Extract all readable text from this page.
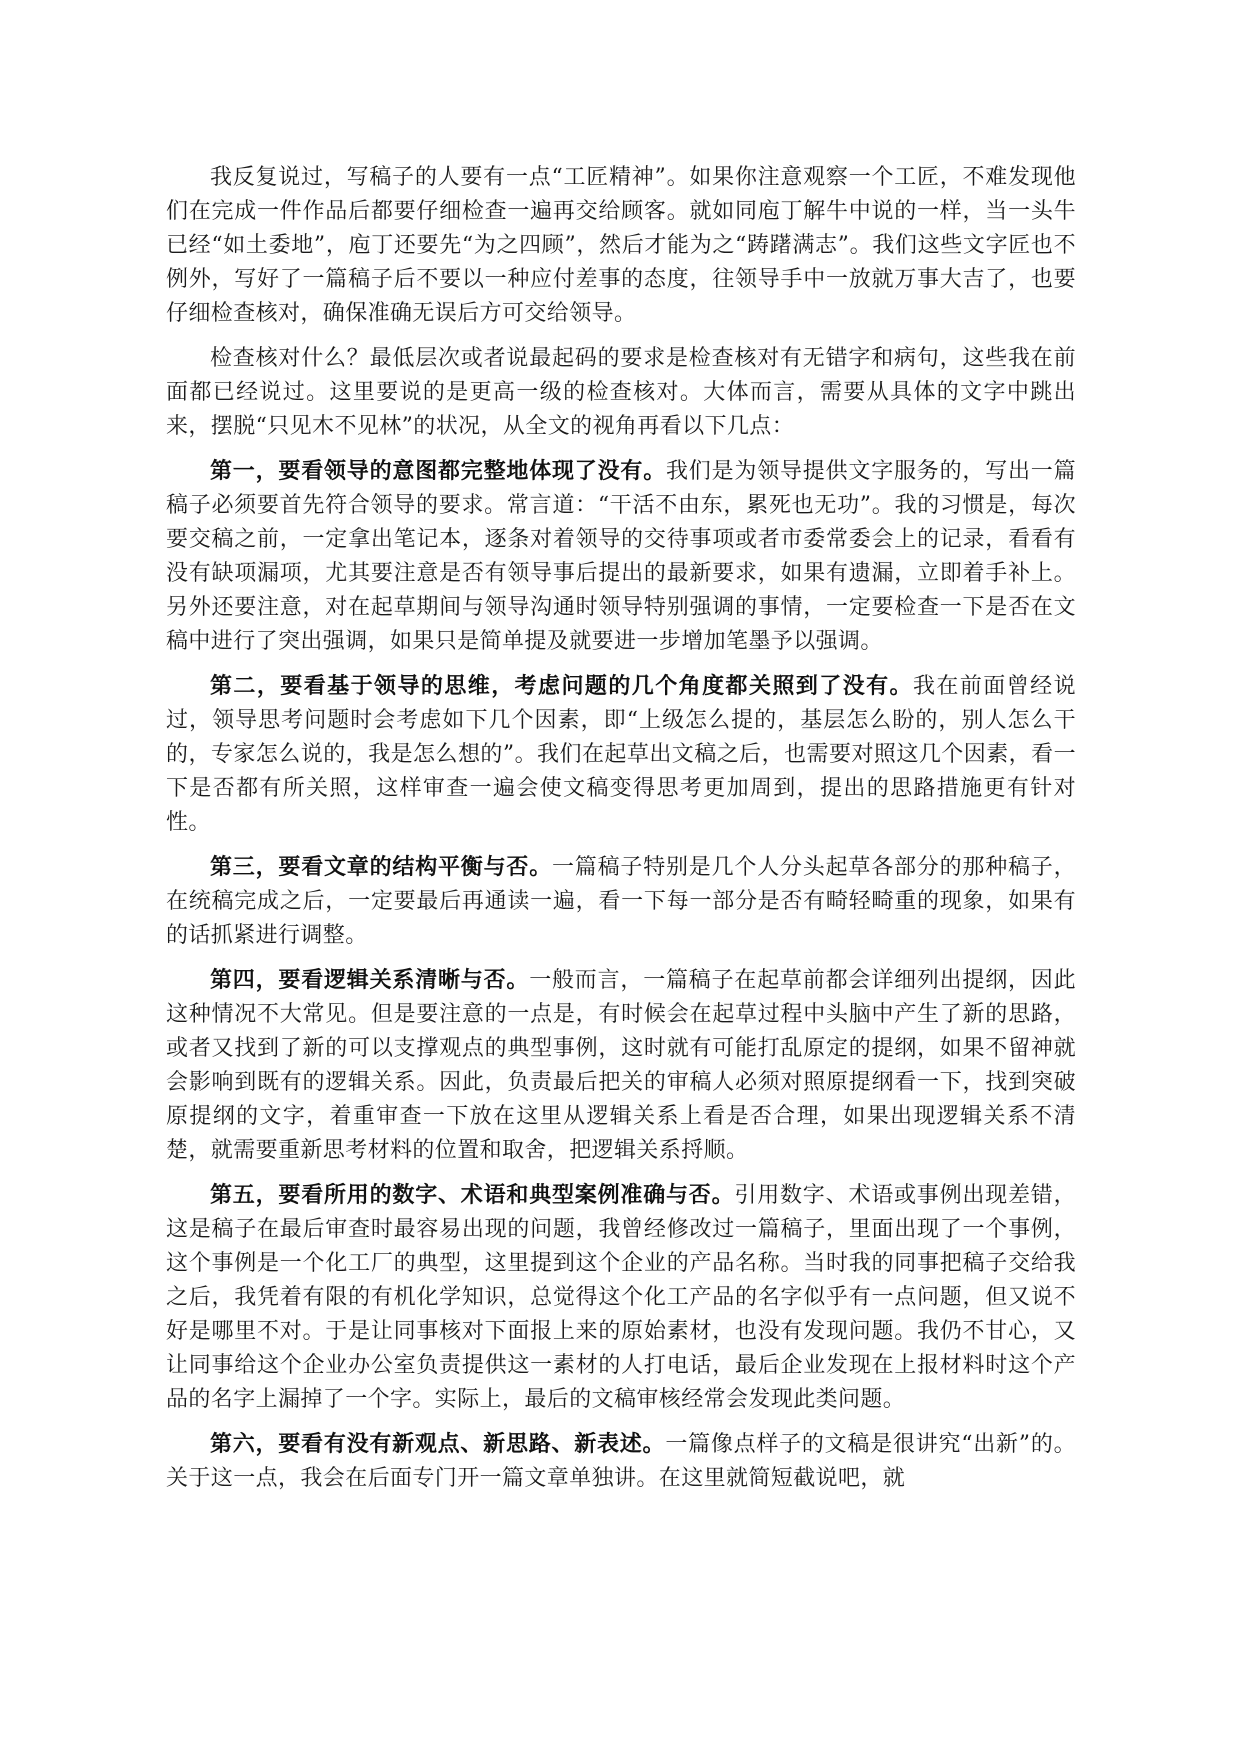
我反复说过，写稿子的人要有一点“工匠精神”。如果你注意观察一个工匠，不难发现他们在完成一件作品后都要仔细检查一遍再交给顾客。就如同庖丁解牛中说的一样，当一头牛已经“如土委地”，庖丁还要先“为之四顾”，然后才能为之“踌躇满志”。我们这些文字匠也不例外，写好了一篇稿子后不要以一种应付差事的态度，往领导手中一放就万事大吉了，也要仔细检查核对，确保准确无误后方可交给领导。

检查核对什么？最低层次或者说最起码的要求是检查核对有无错字和病句，这些我在前面都已经说过。这里要说的是更高一级的检查核对。大体而言，需要从具体的文字中跳出来，摆脱“只见木不见林”的状况，从全文的视角再看以下几点：

第一，要看领导的意图都完整地体现了没有。我们是为领导提供文字服务的，写出一篇稿子必须要首先符合领导的要求。常言道：“干活不由东，累死也无功”。我的习惯是，每次要交稿之前，一定拿出笔记本，逐条对着领导的交待事项或者市委常委会上的记录，看看有没有缺项漏项，尤其要注意是否有领导事后提出的最新要求，如果有遗漏，立即着手补上。另外还要注意，对在起草期间与领导沟通时领导特别强调的事情，一定要检查一下是否在文稿中进行了突出强调，如果只是简单提及就要进一步增加笔墨予以强调。

第二，要看基于领导的思维，考虑问题的几个角度都关照到了没有。我在前面曾经说过，领导思考问题时会考虑如下几个因素，即“上级怎么提的，基层怎么盼的，别人怎么干的，专家怎么说的，我是怎么想的”。我们在起草出文稿之后，也需要对照这几个因素，看一下是否都有所关照，这样审查一遍会使文稿变得思考更加周到，提出的思路措施更有针对性。

第三，要看文章的结构平衡与否。一篇稿子特别是几个人分头起草各部分的那种稿子，在统稿完成之后，一定要最后再通读一遍，看一下每一部分是否有畸轻畸重的现象，如果有的话抓紧进行调整。

第四，要看逻辑关系清晰与否。一般而言，一篇稿子在起草前都会详细列出提纲，因此这种情况不大常见。但是要注意的一点是，有时候会在起草过程中头脑中产生了新的思路，或者又找到了新的可以支撑观点的典型事例，这时就有可能打乱原定的提纲，如果不留神就会影响到既有的逻辑关系。因此，负责最后把关的审稿人必须对照原提纲看一下，找到突破原提纲的文字，着重审查一下放在这里从逻辑关系上看是否合理，如果出现逻辑关系不清楚，就需要重新思考材料的位置和取舍，把逻辑关系捋顺。

第五，要看所用的数字、术语和典型案例准确与否。引用数字、术语或事例出现差错，这是稿子在最后审查时最容易出现的问题，我曾经修改过一篇稿子，里面出现了一个事例，这个事例是一个化工厂的典型，这里提到这个企业的产品名称。当时我的同事把稿子交给我之后，我凭着有限的有机化学知识，总觉得这个化工产品的名字似乎有一点问题，但又说不好是哪里不对。于是让同事核对下面报上来的原始素材，也没有发现问题。我仍不甘心，又让同事给这个企业办公室负责提供这一素材的人打电话，最后企业发现在上报材料时这个产品的名字上漏掉了一个字。实际上，最后的文稿审核经常会发现此类问题。

第六，要看有没有新观点、新思路、新表述。一篇像点样子的文稿是很讲究“出新”的。关于这一点，我会在后面专门开一篇文章单独讲。在这里就简短截说吧，就
